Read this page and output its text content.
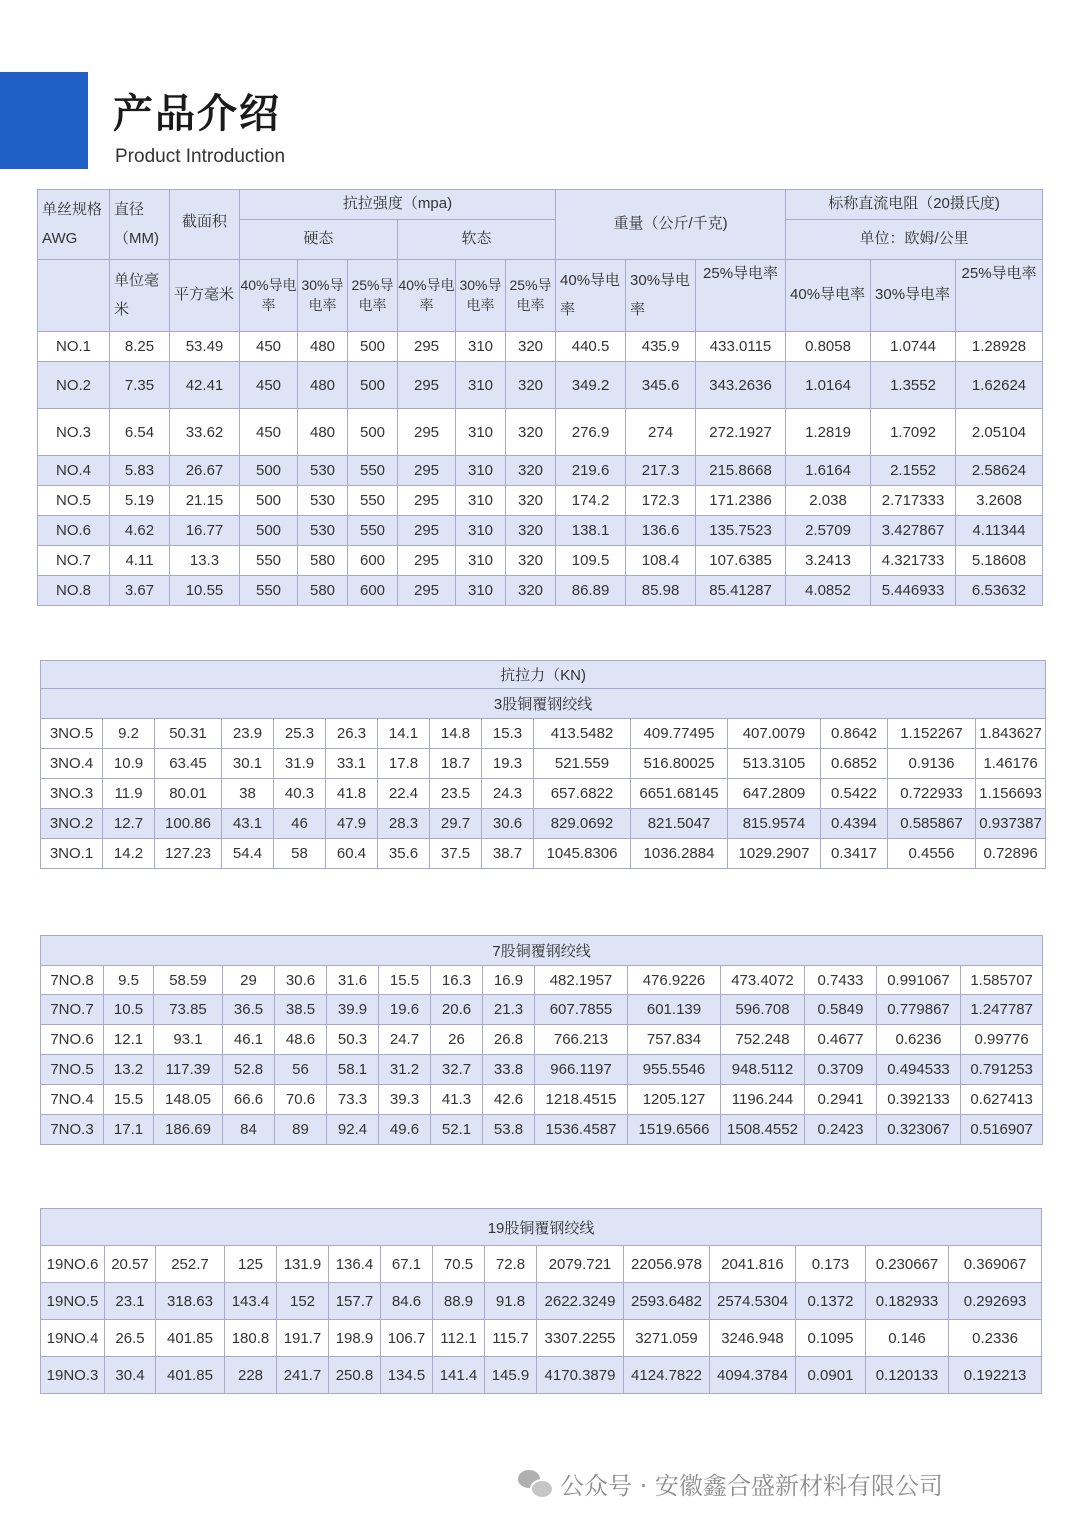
产品介绍
Product Introduction
单丝规格AWG	直径（MM)	截面积	抗拉强度（mpa)						重量（公斤/千克)			标称直流电阻（20摄氏度)		
			硬态			软态						单位：欧姆/公里		
	单位毫米	平方毫米	40%导电率	30%导电率	25%导电率	40%导电率	30%导电率	25%导电率	40%导电率	30%导电率	25%导电率	40%导电率	30%导电率	25%导电率
NO.1	8.25	53.49	450	480	500	295	310	320	440.5	435.9	433.0115	0.8058	1.0744	1.28928
NO.2	7.35	42.41	450	480	500	295	310	320	349.2	345.6	343.2636	1.0164	1.3552	1.62624
NO.3	6.54	33.62	450	480	500	295	310	320	276.9	274	272.1927	1.2819	1.7092	2.05104
NO.4	5.83	26.67	500	530	550	295	310	320	219.6	217.3	215.8668	1.6164	2.1552	2.58624
NO.5	5.19	21.15	500	530	550	295	310	320	174.2	172.3	171.2386	2.038	2.717333	3.2608
NO.6	4.62	16.77	500	530	550	295	310	320	138.1	136.6	135.7523	2.5709	3.427867	4.11344
NO.7	4.11	13.3	550	580	600	295	310	320	109.5	108.4	107.6385	3.2413	4.321733	5.18608
NO.8	3.67	10.55	550	580	600	295	310	320	86.89	85.98	85.41287	4.0852	5.446933	6.53632
抗拉力（KN)														
3股铜覆钢绞线														
3NO.5	9.2	50.31	23.9	25.3	26.3	14.1	14.8	15.3	413.5482	409.77495	407.0079	0.8642	1.152267	1.843627
3NO.4	10.9	63.45	30.1	31.9	33.1	17.8	18.7	19.3	521.559	516.80025	513.3105	0.6852	0.9136	1.46176
3NO.3	11.9	80.01	38	40.3	41.8	22.4	23.5	24.3	657.6822	6651.68145	647.2809	0.5422	0.722933	1.156693
3NO.2	12.7	100.86	43.1	46	47.9	28.3	29.7	30.6	829.0692	821.5047	815.9574	0.4394	0.585867	0.937387
3NO.1	14.2	127.23	54.4	58	60.4	35.6	37.5	38.7	1045.8306	1036.2884	1029.2907	0.3417	0.4556	0.72896
7股铜覆钢绞线														
7NO.8	9.5	58.59	29	30.6	31.6	15.5	16.3	16.9	482.1957	476.9226	473.4072	0.7433	0.991067	1.585707
7NO.7	10.5	73.85	36.5	38.5	39.9	19.6	20.6	21.3	607.7855	601.139	596.708	0.5849	0.779867	1.247787
7NO.6	12.1	93.1	46.1	48.6	50.3	24.7	26	26.8	766.213	757.834	752.248	0.4677	0.6236	0.99776
7NO.5	13.2	117.39	52.8	56	58.1	31.2	32.7	33.8	966.1197	955.5546	948.5112	0.3709	0.494533	0.791253
7NO.4	15.5	148.05	66.6	70.6	73.3	39.3	41.3	42.6	1218.4515	1205.127	1196.244	0.2941	0.392133	0.627413
7NO.3	17.1	186.69	84	89	92.4	49.6	52.1	53.8	1536.4587	1519.6566	1508.4552	0.2423	0.323067	0.516907
19股铜覆钢绞线														
19NO.6	20.57	252.7	125	131.9	136.4	67.1	70.5	72.8	2079.721	22056.978	2041.816	0.173	0.230667	0.369067
19NO.5	23.1	318.63	143.4	152	157.7	84.6	88.9	91.8	2622.3249	2593.6482	2574.5304	0.1372	0.182933	0.292693
19NO.4	26.5	401.85	180.8	191.7	198.9	106.7	112.1	115.7	3307.2255	3271.059	3246.948	0.1095	0.146	0.2336
19NO.3	30.4	401.85	228	241.7	250.8	134.5	141.4	145.9	4170.3879	4124.7822	4094.3784	0.0901	0.120133	0.192213
公众号 · 安徽鑫合盛新材料有限公司
